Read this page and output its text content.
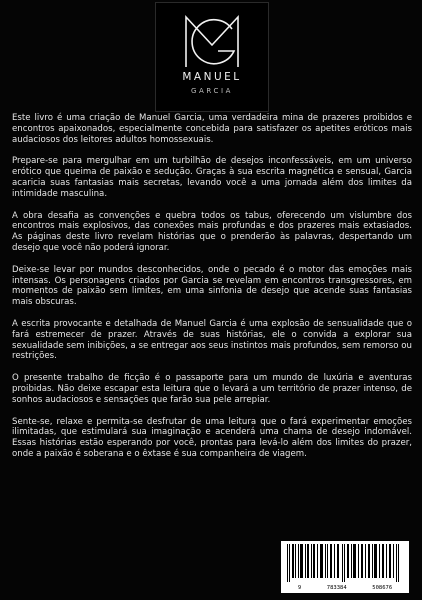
MANUEL
GARCIA

Este livro é uma criação de Manuel Garcia, uma verdadeira mina de prazeres proibidos e encontros apaixonados, especialmente concebida para satisfazer os apetites eróticos mais audaciosos dos leitores adultos homossexuais.

Prepare-se para mergulhar em um turbilhão de desejos inconfessáveis, em um universo erótico que queima de paixão e sedução. Graças à sua escrita magnética e sensual, Garcia acaricia suas fantasias mais secretas, levando você a uma jornada além dos limites da intimidade masculina.

A obra desafia as convenções e quebra todos os tabus, oferecendo um vislumbre dos encontros mais explosivos, das conexões mais profundas e dos prazeres mais extasiados. As páginas deste livro revelam histórias que o prenderão às palavras, despertando um desejo que você não poderá ignorar.

Deixe-se levar por mundos desconhecidos, onde o pecado é o motor das emoções mais intensas. Os personagens criados por Garcia se revelam em encontros transgressores, em momentos de paixão sem limites, em uma sinfonia de desejo que acende suas fantasias mais obscuras.

A escrita provocante e detalhada de Manuel Garcia é uma explosão de sensualidade que o fará estremecer de prazer. Através de suas histórias, ele o convida a explorar sua sexualidade sem inibições, a se entregar aos seus instintos mais profundos, sem remorso ou restrições.

O presente trabalho de ficção é o passaporte para um mundo de luxúria e aventuras proibidas. Não deixe escapar esta leitura que o levará a um território de prazer intenso, de sonhos audaciosos e sensações que farão sua pele arrepiar.

Sente-se, relaxe e permita-se desfrutar de uma leitura que o fará experimentar emoções ilimitadas, que estimulará sua imaginação e acenderá uma chama de desejo indomável. Essas histórias estão esperando por você, prontas para levá-lo além dos limites do prazer, onde a paixão é soberana e o êxtase é sua companheira de viagem.

9	783384	508676
